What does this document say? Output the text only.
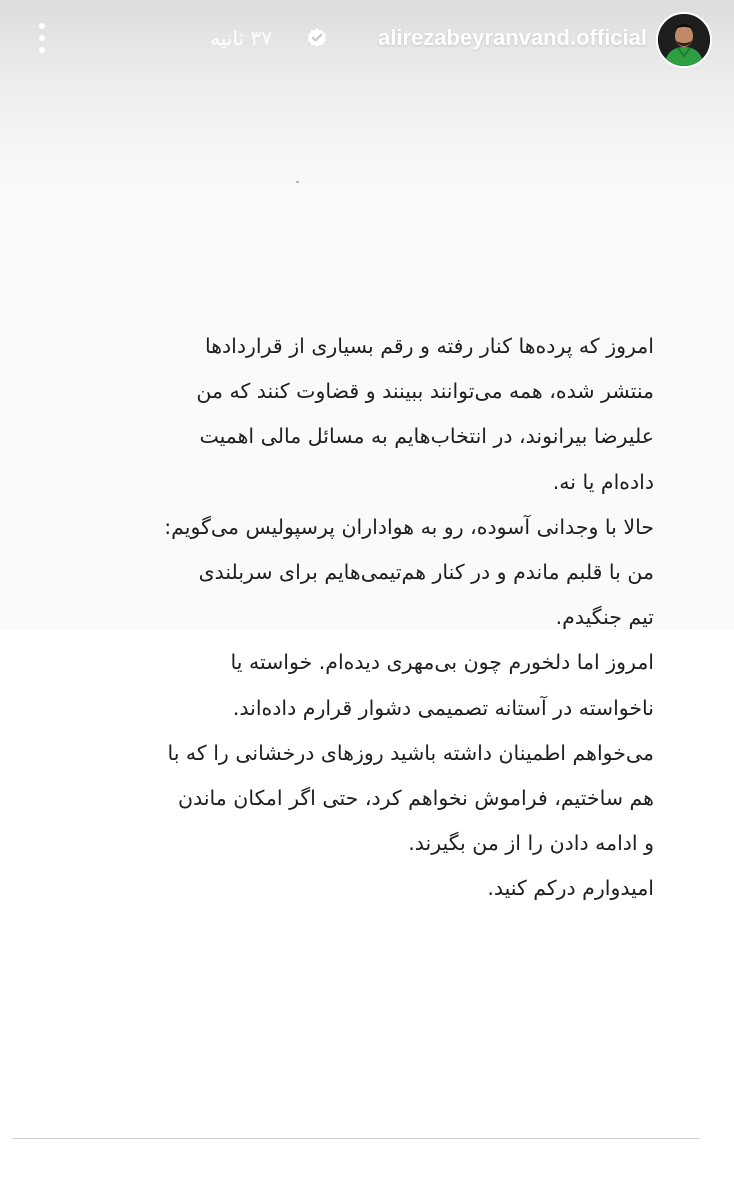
alirezabeyranvand.official
۳۷ ثانیه
امروز که پرده‌ها کنار رفته و رقم بسیاری از قراردادها
منتشر شده، همه می‌توانند ببینند و قضاوت کنند که من
علیرضا بیرانوند، در انتخاب‌هایم به مسائل مالی اهمیت
داده‌ام یا نه.
حالا با وجدانی آسوده، رو به هواداران پرسپولیس می‌گویم:
من با قلبم ماندم و در کنار هم‌تیمی‌هایم برای سربلندی
تیم جنگیدم.
امروز اما دلخورم چون بی‌مهری دیده‌ام. خواسته یا
ناخواسته در آستانه تصمیمی دشوار قرارم داده‌اند.
می‌خواهم اطمینان داشته باشید روزهای درخشانی را که با
هم ساختیم، فراموش نخواهم کرد، حتی اگر امکان ماندن
و ادامه دادن را از من بگیرند.
امیدوارم درکم کنید.
